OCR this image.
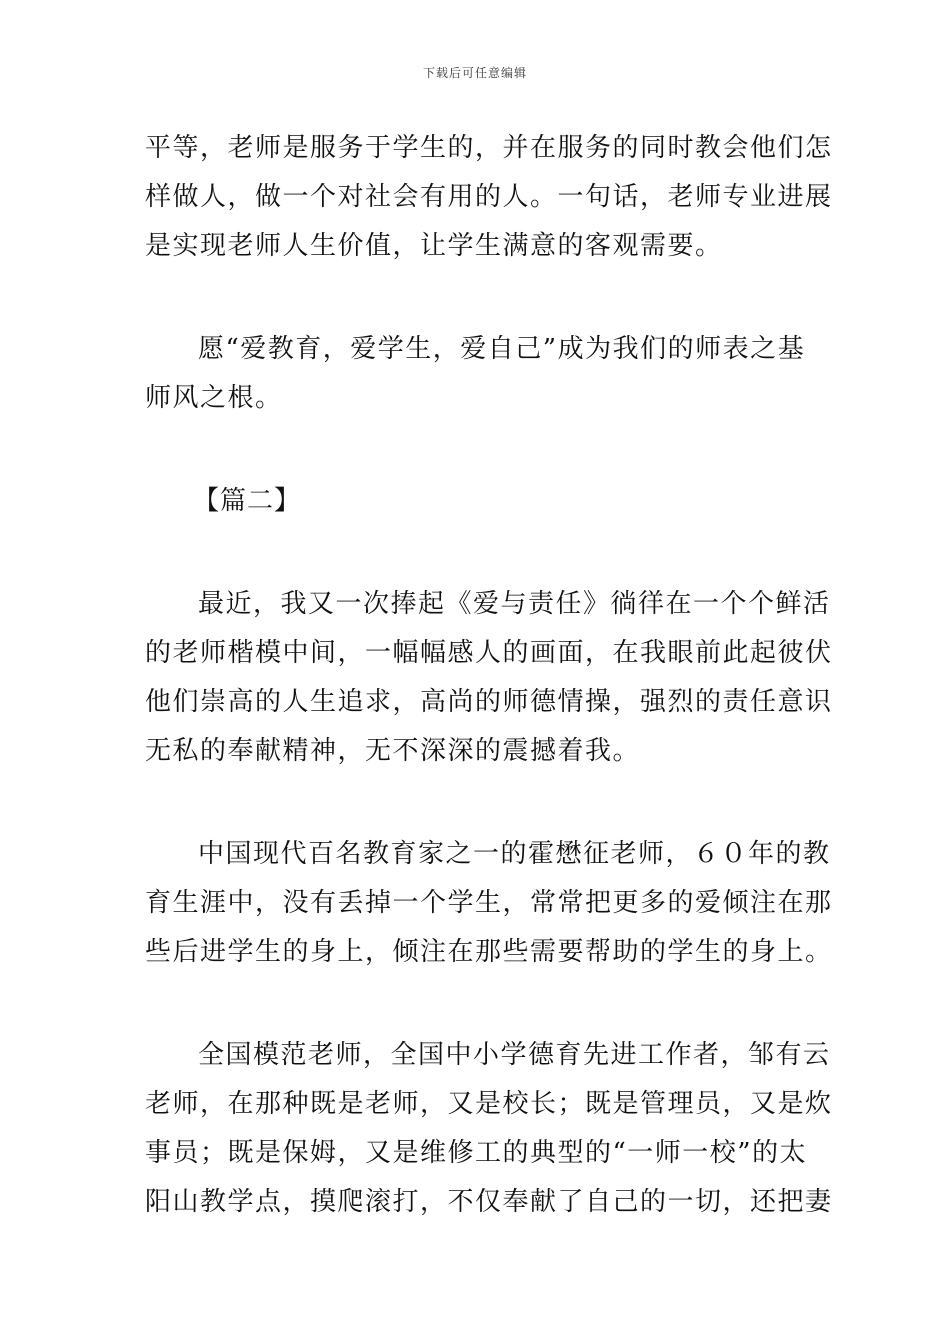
下载后可任意编辑

平等，老师是服务于学生的，并在服务的同时教会他们怎
样做人，做一个对社会有用的人。一句话，老师专业进展
是实现老师人生价值，让学生满意的客观需要。

愿“爱教育，爱学生，爱自己”成为我们的师表之基
师风之根。

【篇二】

最近，我又一次捧起《爱与责任》徜徉在一个个鲜活
的老师楷模中间，一幅幅感人的画面，在我眼前此起彼伏
他们崇高的人生追求，高尚的师德情操，强烈的责任意识
无私的奉献精神，无不深深的震撼着我。

中国现代百名教育家之一的霍懋征老师，６０年的教
育生涯中，没有丢掉一个学生，常常把更多的爱倾注在那
些后进学生的身上，倾注在那些需要帮助的学生的身上。

全国模范老师，全国中小学德育先进工作者，邹有云
老师，在那种既是老师，又是校长；既是管理员，又是炊
事员；既是保姆，又是维修工的典型的“一师一校”的太
阳山教学点，摸爬滚打，不仅奉献了自己的一切，还把妻
